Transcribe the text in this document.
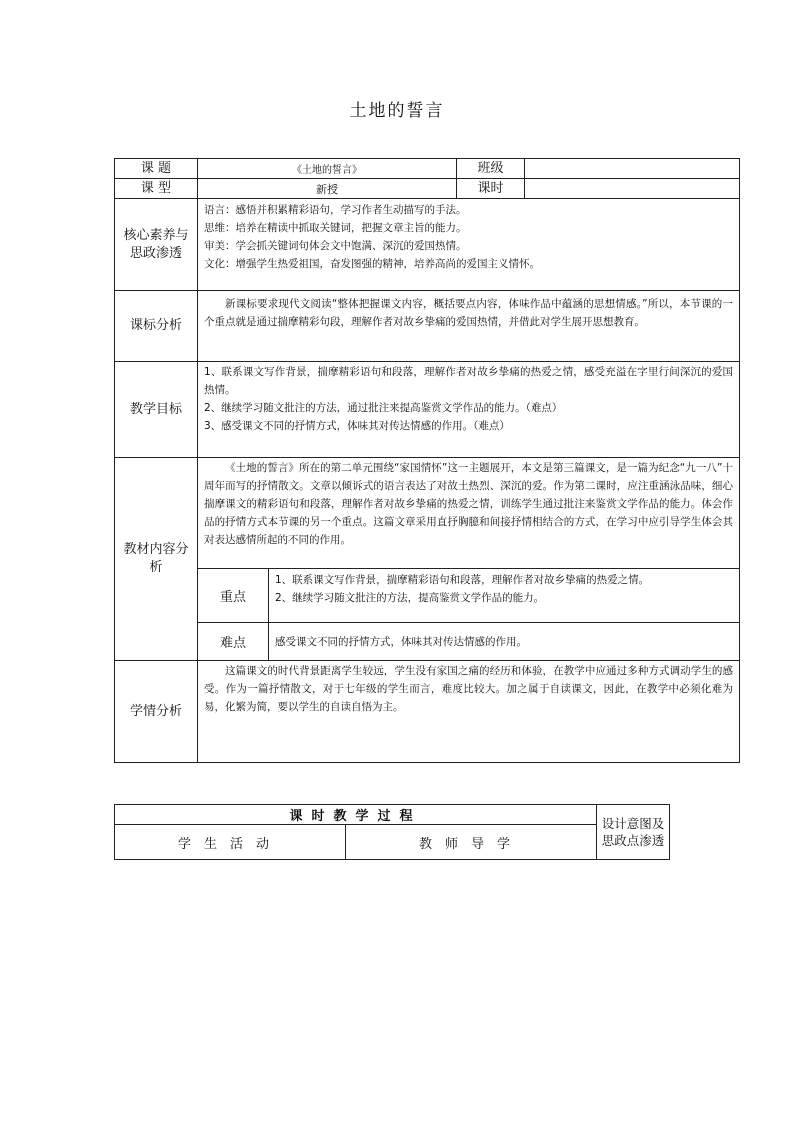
土地的誓言
课 题	《土地的誓言》		班级	
课 型	新授		课时	
核心素养与思政渗透	语言：感悟并积累精彩语句，学习作者生动描写的手法。

思维：培养在精读中抓取关键词，把握文章主旨的能力。

审美：学会抓关键词句体会文中饱满、深沉的爱国热情。

文化：增强学生热爱祖国，奋发图强的精神，培养高尚的爱国主义情怀。			

课标分析	新课标要求现代文阅读“整体把握课文内容，概括要点内容，体味作品中蕴涵的思想情感。”所以，本节课的一个重点就是通过揣摩精彩句段，理解作者对故乡挚痛的爱国热情，并借此对学生展开思想教育。			

教学目标	1、联系课文写作背景，揣摩精彩语句和段落，理解作者对故乡挚痛的热爱之情，感受充溢在字里行间深沉的爱国热情。

2、继续学习随文批注的方法，通过批注来提高鉴赏文学作品的能力。（难点）

3、感受课文不同的抒情方式，体味其对传达情感的作用。（难点）			

教材内容分析	《土地的誓言》所在的第二单元围绕“家国情怀”这一主题展开，本文是第三篇课文，是一篇为纪念“九一八”十周年而写的抒情散文。文章以倾诉式的语言表达了对故土热烈、深沉的爱。作为第二课时，应注重涵泳品味，细心揣摩课文的精彩语句和段落，理解作者对故乡挚痛的热爱之情，训练学生通过批注来鉴赏文学作品的能力。体会作品的抒情方式本节课的另一个重点。这篇文章采用直抒胸臆和间接抒情相结合的方式，在学习中应引导学生体会其对表达感情所起的不同的作用。			

	重点	1、联系课文写作背景，揣摩精彩语句和段落，理解作者对故乡挚痛的热爱之情。

2、继续学习随文批注的方法，提高鉴赏文学作品的能力。		

	难点	感受课文不同的抒情方式，体味其对传达情感的作用。		
学情分析	这篇课文的时代背景距离学生较远，学生没有家国之痛的经历和体验，在教学中应通过多种方式调动学生的感受。作为一篇抒情散文，对于七年级的学生而言，难度比较大。加之属于自读课文，因此，在教学中必须化难为易，化繁为简，要以学生的自读自悟为主。			

课时教学过程		设计意图及思政点渗透
学生活动	教师导学	
